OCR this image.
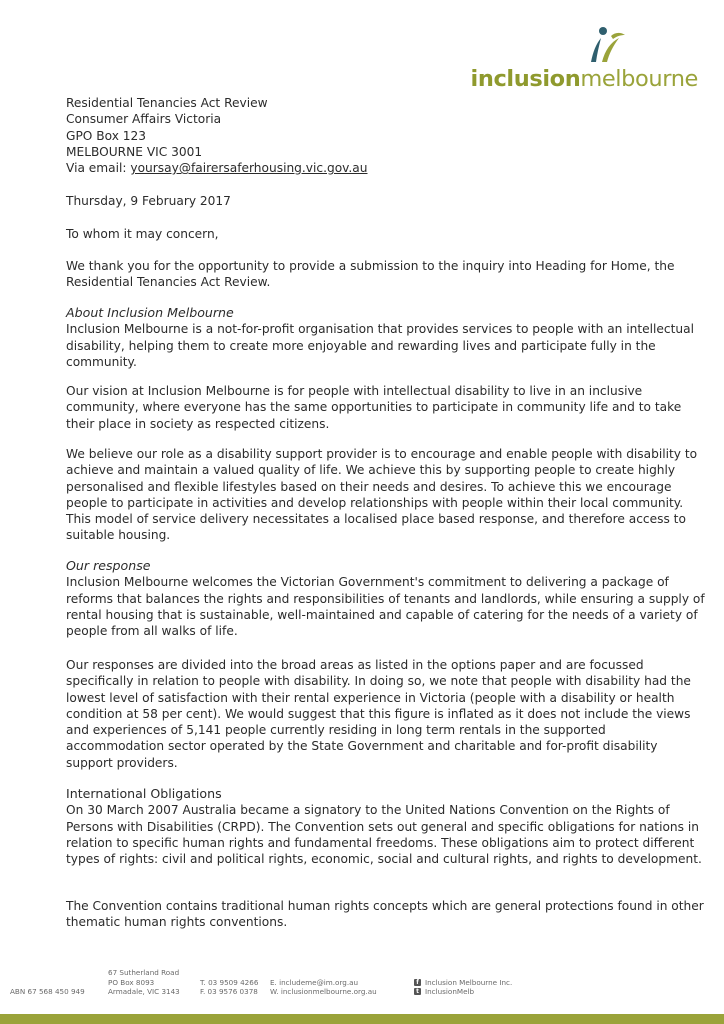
inclusionmelbourne

Residential Tenancies Act Review

Consumer Affairs Victoria

GPO Box 123

MELBOURNE VIC 3001

Via email: yoursay@fairersaferhousing.vic.gov.au

Thursday, 9 February 2017

To whom it may concern,

We thank you for the opportunity to provide a submission to the inquiry into Heading for Home, the Residential Tenancies Act Review.

About Inclusion Melbourne

Inclusion Melbourne is a not-for-profit organisation that provides services to people with an intellectual disability, helping them to create more enjoyable and rewarding lives and participate fully in the community.

Our vision at Inclusion Melbourne is for people with intellectual disability to live in an inclusive community, where everyone has the same opportunities to participate in community life and to take their place in society as respected citizens.

We believe our role as a disability support provider is to encourage and enable people with disability to achieve and maintain a valued quality of life. We achieve this by supporting people to create highly personalised and flexible lifestyles based on their needs and desires. To achieve this we encourage people to participate in activities and develop relationships with people within their local community. This model of service delivery necessitates a localised place based response, and therefore access to suitable housing.

Our response

Inclusion Melbourne welcomes the Victorian Government's commitment to delivering a package of reforms that balances the rights and responsibilities of tenants and landlords, while ensuring a supply of rental housing that is sustainable, well-maintained and capable of catering for the needs of a variety of people from all walks of life.

Our responses are divided into the broad areas as listed in the options paper and are focussed specifically in relation to people with disability. In doing so, we note that people with disability had the lowest level of satisfaction with their rental experience in Victoria (people with a disability or health condition at 58 per cent). We would suggest that this figure is inflated as it does not include the views and experiences of 5,141 people currently residing in long term rentals in the supported accommodation sector operated by the State Government and charitable and for-profit disability support providers.

International Obligations

On 30 March 2007 Australia became a signatory to the United Nations Convention on the Rights of Persons with Disabilities (CRPD). The Convention sets out general and specific obligations for nations in relation to specific human rights and fundamental freedoms. These obligations aim to protect different types of rights: civil and political rights, economic, social and cultural rights, and rights to development.

The Convention contains traditional human rights concepts which are general protections found in other thematic human rights conventions.

ABN 67 568 450 949
67 Sutherland Road
PO Box 8093
Armadale, VIC 3143
T. 03 9509 4266
F. 03 9576 0378
E. includeme@im.org.au
W. inclusionmelbourne.org.au
f Inclusion Melbourne Inc.
t InclusionMelb
